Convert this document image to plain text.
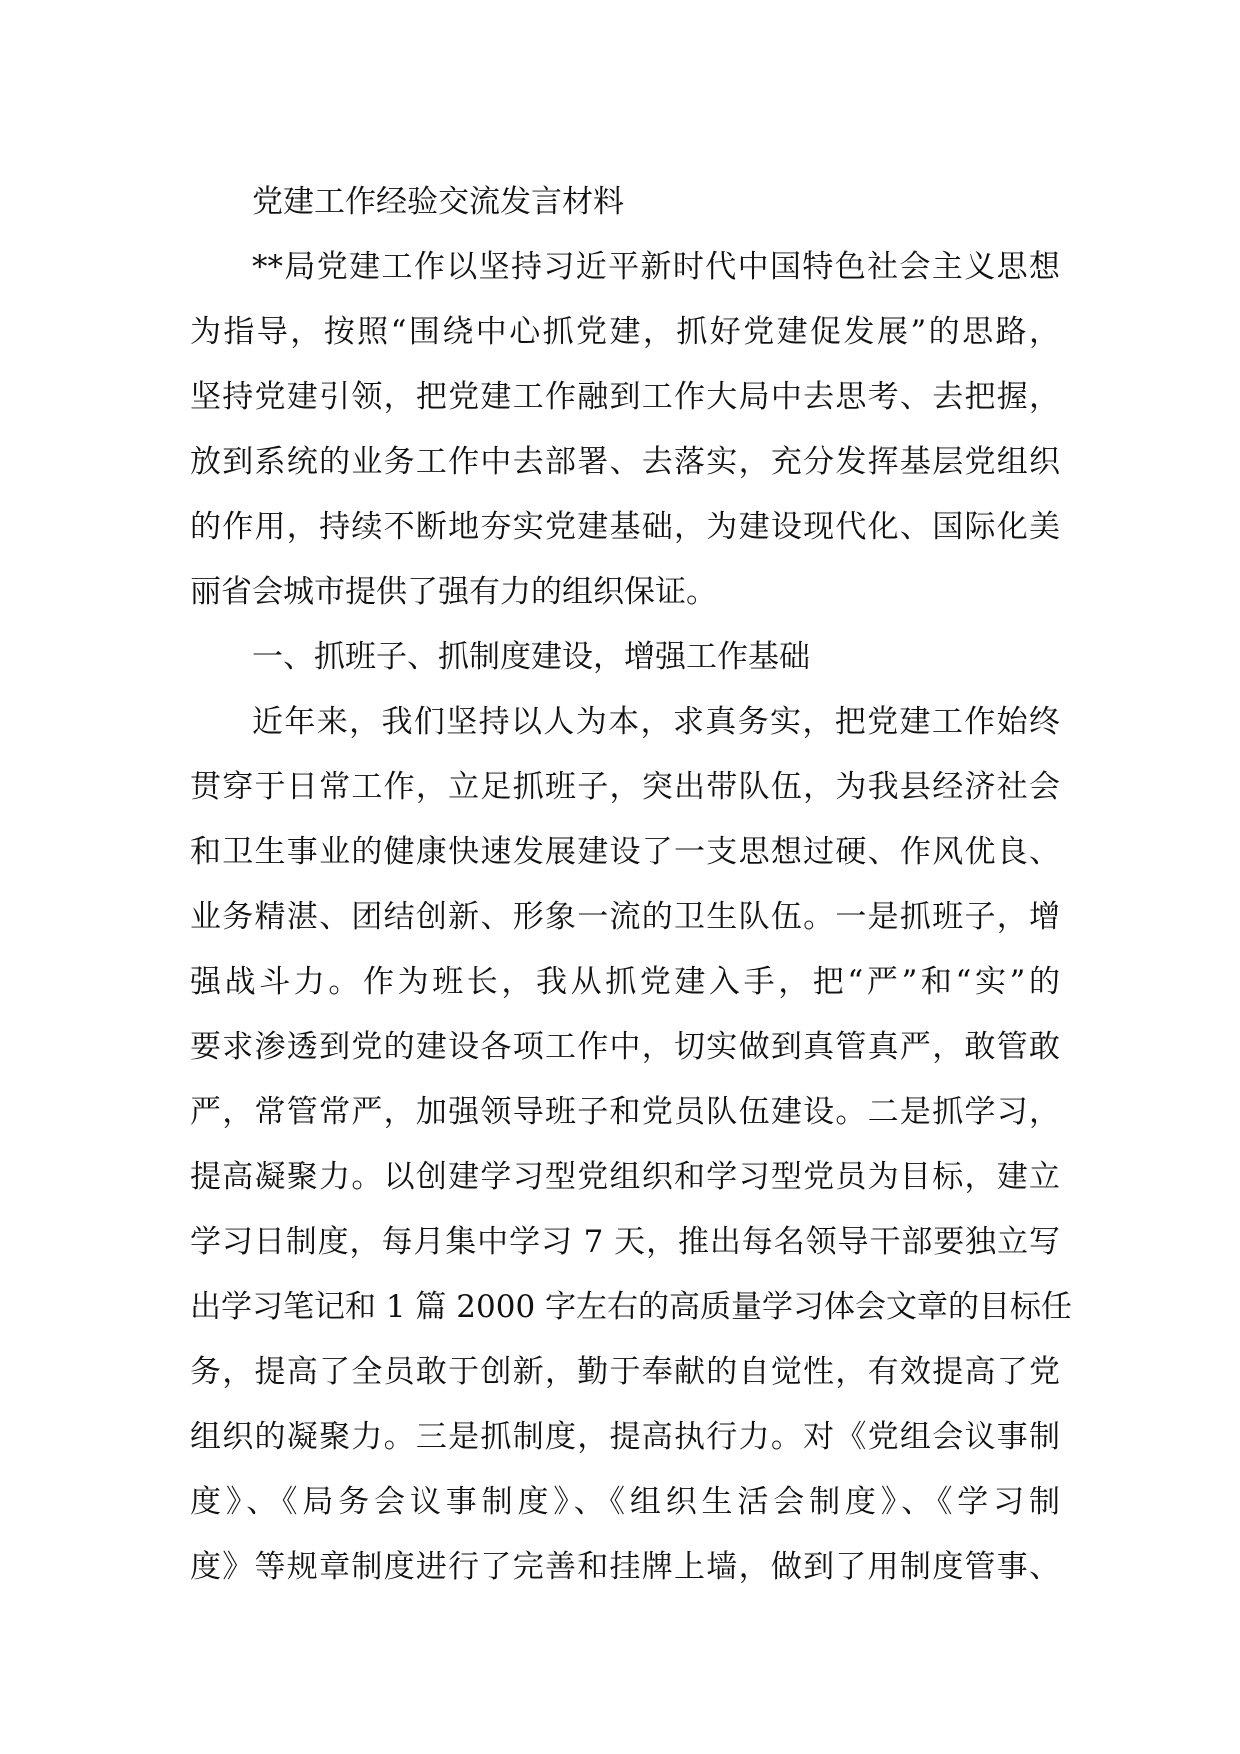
党建工作经验交流发言材料
**局党建工作以坚持习近平新时代中国特色社会主义思想
为指导，按照“围绕中心抓党建，抓好党建促发展”的思路，
坚持党建引领，把党建工作融到工作大局中去思考、去把握，
放到系统的业务工作中去部署、去落实，充分发挥基层党组织
的作用，持续不断地夯实党建基础，为建设现代化、国际化美
丽省会城市提供了强有力的组织保证。
一、抓班子、抓制度建设，增强工作基础
近年来，我们坚持以人为本，求真务实，把党建工作始终
贯穿于日常工作，立足抓班子，突出带队伍，为我县经济社会
和卫生事业的健康快速发展建设了一支思想过硬、作风优良、
业务精湛、团结创新、形象一流的卫生队伍。一是抓班子，增
强战斗力。作为班长，我从抓党建入手，把“严”和“实”的
要求渗透到党的建设各项工作中，切实做到真管真严，敢管敢
严，常管常严，加强领导班子和党员队伍建设。二是抓学习，
提高凝聚力。以创建学习型党组织和学习型党员为目标，建立
学习日制度，每月集中学习 7 天，推出每名领导干部要独立写
出学习笔记和 1 篇 2000 字左右的高质量学习体会文章的目标任
务，提高了全员敢于创新，勤于奉献的自觉性，有效提高了党
组织的凝聚力。三是抓制度，提高执行力。对《党组会议事制
度》、《局务会议事制度》、《组织生活会制度》、《学习制
度》等规章制度进行了完善和挂牌上墙，做到了用制度管事、
